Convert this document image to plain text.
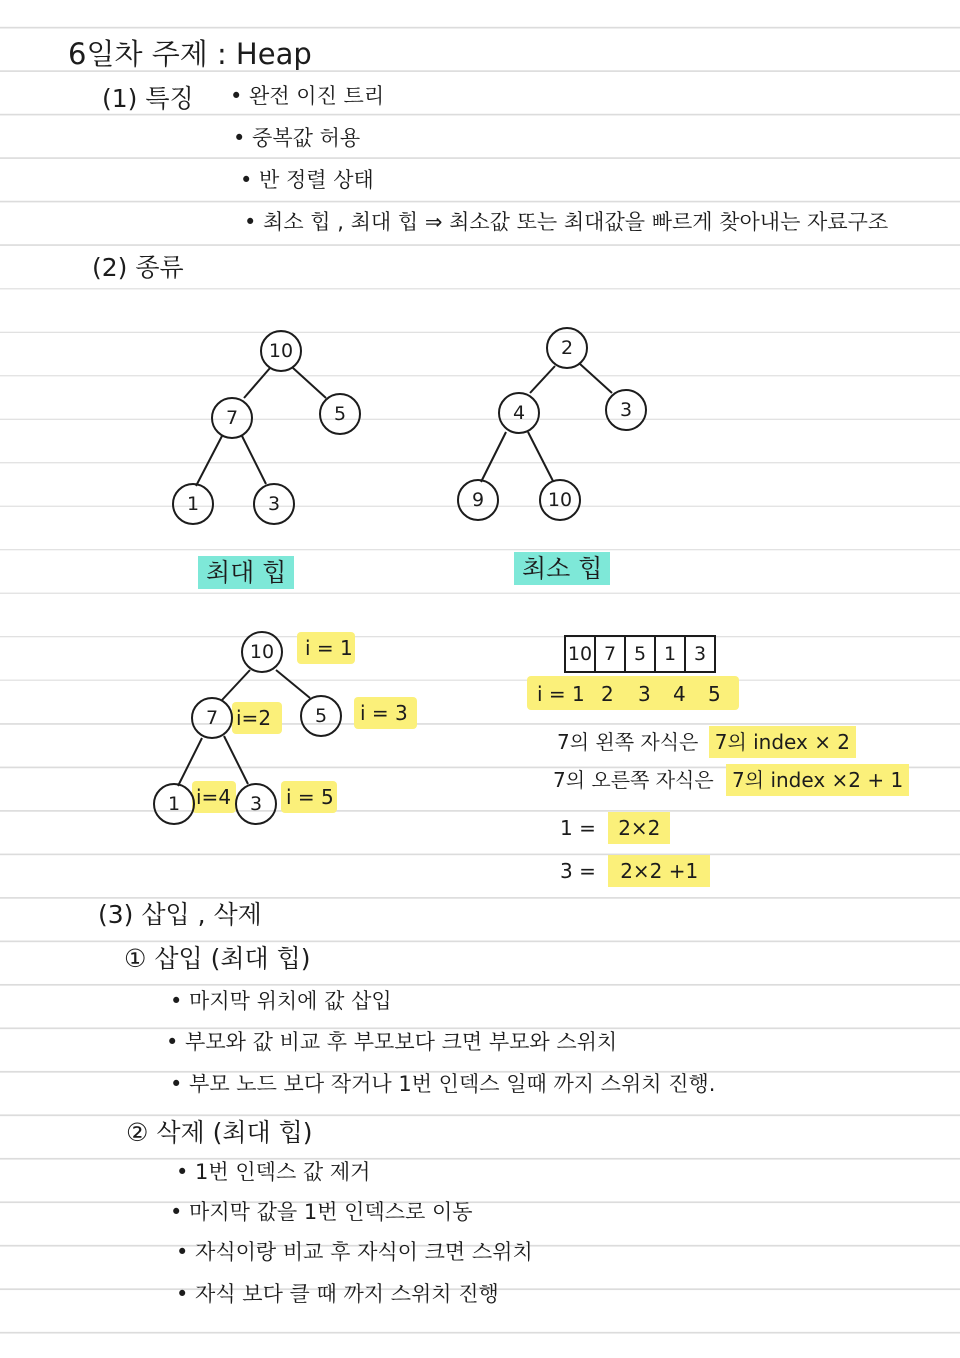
6일차 주제 : Heap
(1) 특징 • 완전 이진 트리
• 중복값 허용
• 반 정렬 상태
• 최소 힙 , 최대 힙 ⇒ 최소값 또는 최대값을 빠르게 찾아내는 자료구조
(2) 종류
10
7	5
1	3
2
4	3
9	10
10
7	5
1	3
최대 힙	최소 힙
i = 1
i=2	i = 3
i=4	i = 5
10 7 5 1 3
i = 1 2 3 4 5
7의 왼쪽 자식은 7의 index × 2
7의 오른쪽 자식은 7의 index ×2 + 1
1 = 2×2
3 = 2×2 +1
(3) 삽입 , 삭제
① 삽입 (최대 힙)
• 마지막 위치에 값 삽입
• 부모와 값 비교 후 부모보다 크면 부모와 스위치
• 부모 노드 보다 작거나 1번 인덱스 일때 까지 스위치 진행.
② 삭제 (최대 힙)
• 1번 인덱스 값 제거
• 마지막 값을 1번 인덱스로 이동
• 자식이랑 비교 후 자식이 크면 스위치
• 자식 보다 클 때 까지 스위치 진행
